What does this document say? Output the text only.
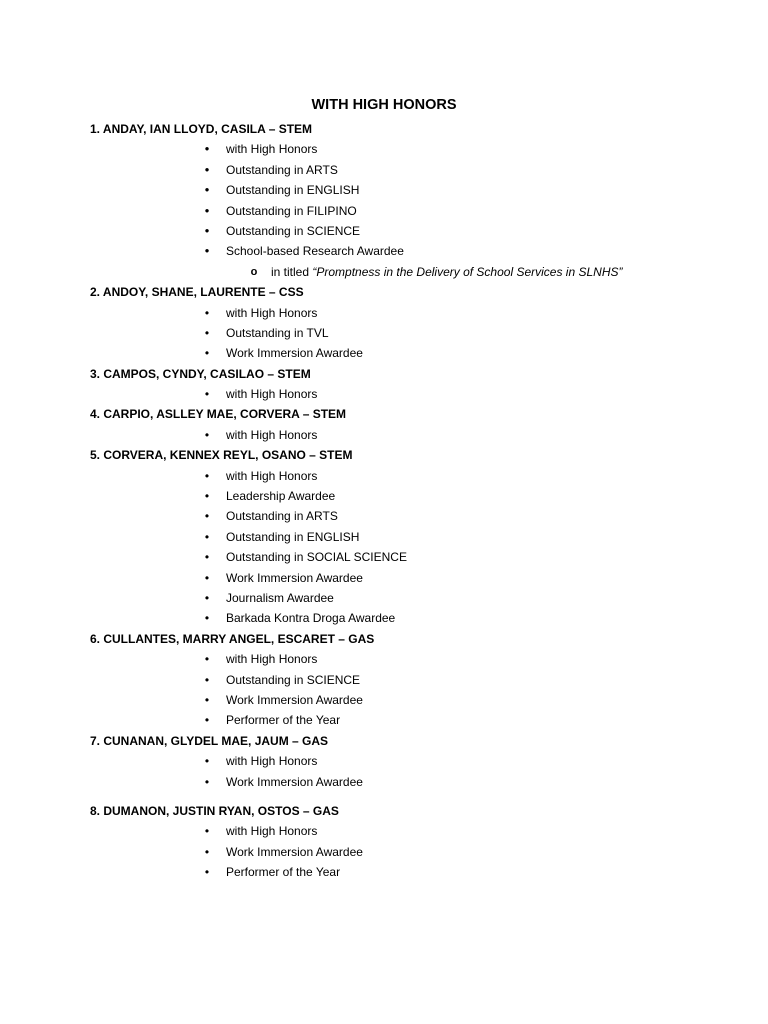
WITH HIGH HONORS
1. ANDAY, IAN LLOYD, CASILA – STEM
● with High Honors
● Outstanding in ARTS
● Outstanding in ENGLISH
● Outstanding in FILIPINO
● Outstanding in SCIENCE
● School-based Research Awardee
o in titled “Promptness in the Delivery of School Services in SLNHS”
2. ANDOY, SHANE, LAURENTE – CSS
•	with High Honors
•	Outstanding in TVL
•	Work Immersion Awardee
3. CAMPOS, CYNDY, CASILAO – STEM
•	with High Honors
4. CARPIO, ASLLEY MAE, CORVERA – STEM
•	with High Honors
5. CORVERA, KENNEX REYL, OSANO – STEM
•	with High Honors
•	Leadership Awardee
•	Outstanding in ARTS
•	Outstanding in ENGLISH
•	Outstanding in SOCIAL SCIENCE
•	Work Immersion Awardee
•	Journalism Awardee
•	Barkada Kontra Droga Awardee
6. CULLANTES, MARRY ANGEL, ESCARET – GAS
•	with High Honors
•	Outstanding in SCIENCE
•	Work Immersion Awardee
•	Performer of the Year
7. CUNANAN, GLYDEL MAE, JAUM – GAS
•	with High Honors
•	Work Immersion Awardee
8. DUMANON, JUSTIN RYAN, OSTOS – GAS
•	with High Honors
•	Work Immersion Awardee
•	Performer of the Year
